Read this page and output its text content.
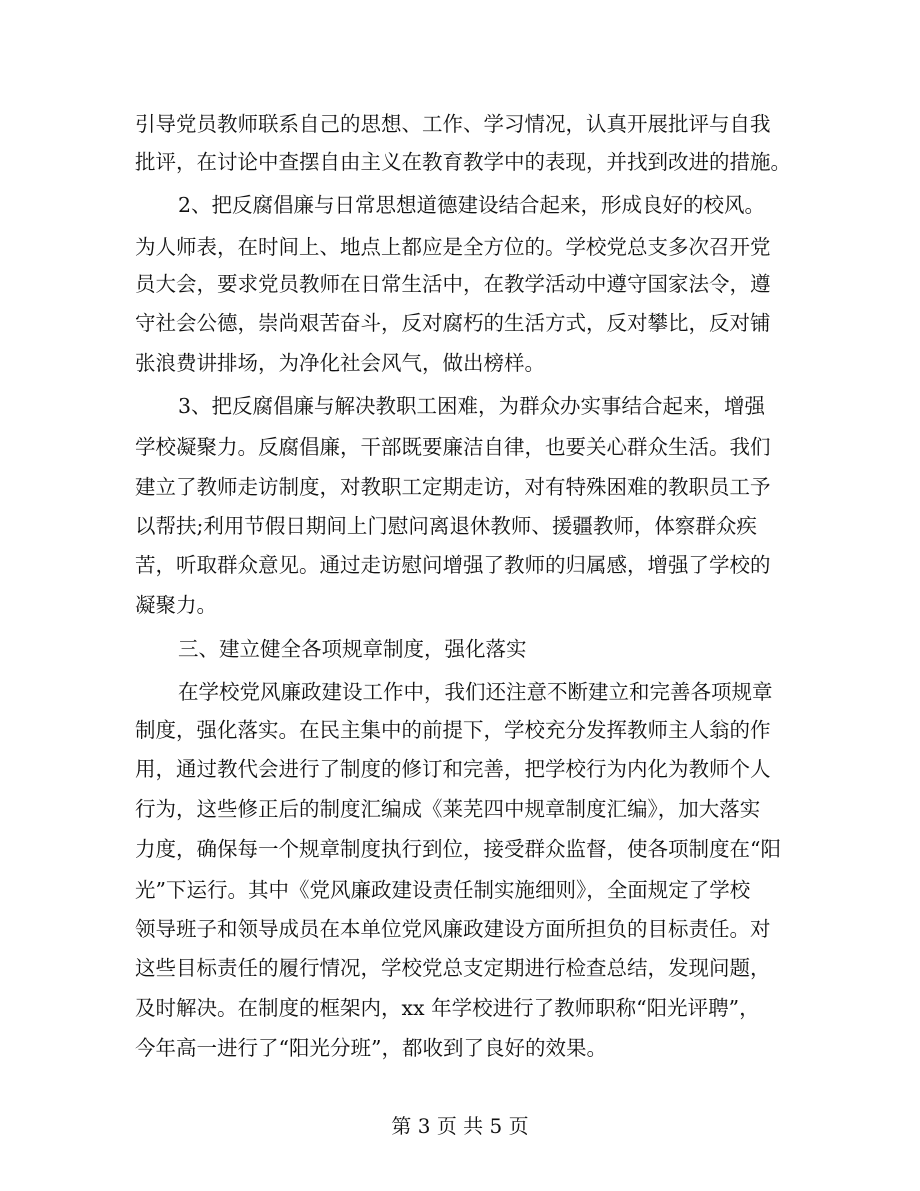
引导党员教师联系自己的思想、工作、学习情况，认真开展批评与自我
批评，在讨论中查摆自由主义在教育教学中的表现，并找到改进的措施。
2、把反腐倡廉与日常思想道德建设结合起来，形成良好的校风。
为人师表，在时间上、地点上都应是全方位的。学校党总支多次召开党
员大会，要求党员教师在日常生活中，在教学活动中遵守国家法令，遵
守社会公德，崇尚艰苦奋斗，反对腐朽的生活方式，反对攀比，反对铺
张浪费讲排场，为净化社会风气，做出榜样。
3、把反腐倡廉与解决教职工困难，为群众办实事结合起来，增强
学校凝聚力。反腐倡廉，干部既要廉洁自律，也要关心群众生活。我们
建立了教师走访制度，对教职工定期走访，对有特殊困难的教职员工予
以帮扶;利用节假日期间上门慰问离退休教师、援疆教师，体察群众疾
苦，听取群众意见。通过走访慰问增强了教师的归属感，增强了学校的
凝聚力。
三、建立健全各项规章制度，强化落实
在学校党风廉政建设工作中，我们还注意不断建立和完善各项规章
制度，强化落实。在民主集中的前提下，学校充分发挥教师主人翁的作
用，通过教代会进行了制度的修订和完善，把学校行为内化为教师个人
行为，这些修正后的制度汇编成《莱芜四中规章制度汇编》，加大落实
力度，确保每一个规章制度执行到位，接受群众监督，使各项制度在“阳
光”下运行。其中《党风廉政建设责任制实施细则》，全面规定了学校
领导班子和领导成员在本单位党风廉政建设方面所担负的目标责任。对
这些目标责任的履行情况，学校党总支定期进行检查总结，发现问题，
及时解决。在制度的框架内，xx 年学校进行了教师职称“阳光评聘”，
今年高一进行了“阳光分班”，都收到了良好的效果。
第 3 页 共 5 页
